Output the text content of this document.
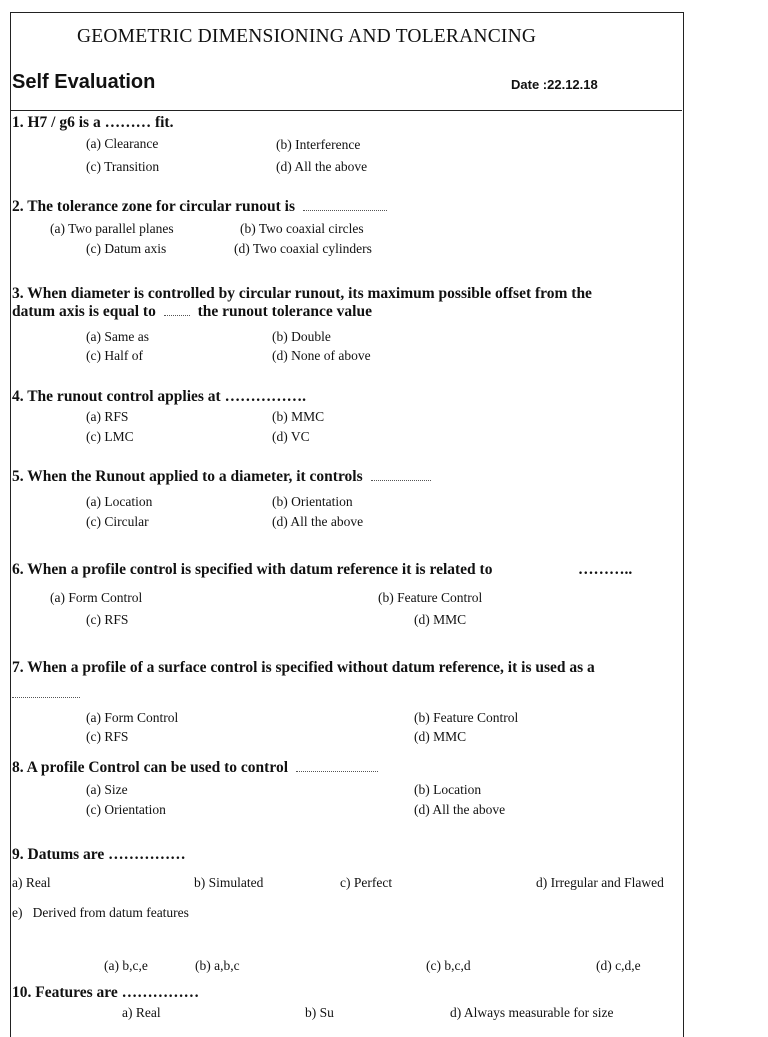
GEOMETRIC DIMENSIONING AND TOLERANCING
Self Evaluation	Date :22.12.18
1. H7 / g6 is a ……… fit.
(a) Clearance	(b) Interference
(c) Transition	(d) All the above
2. The tolerance zone for circular runout is
(a) Two parallel planes	(b) Two coaxial circles
(c) Datum axis	(d) Two coaxial cylinders
3. When diameter is controlled by circular runout, its maximum possible offset from the
datum axis is equal to	the runout tolerance value
(a) Same as	(b) Double
(c) Half of	(d) None of above
4. The runout control applies at …………….
(a) RFS	(b) MMC
(c) LMC	(d) VC
5. When the Runout applied to a diameter, it controls
(a) Location	(b) Orientation
(c) Circular	(d) All the above
6. When a profile control is specified with datum reference it is related to	………..
(a) Form Control	(b) Feature Control
(c) RFS	(d) MMC
7. When a profile of a surface control is specified without datum reference, it is used as a
(a) Form Control	(b) Feature Control
(c) RFS	(d) MMC
8. A profile Control can be used to control
(a) Size	(b) Location
(c) Orientation	(d) All the above
9. Datums are ……………
a) Real	b) Simulated	c) Perfect	d) Irregular and Flawed
e)   Derived from datum features
(a) b,c,e	(b) a,b,c	(c) b,c,d	(d) c,d,e
10. Features are ……………
a) Real	b) Su	d) Always measurable for size
